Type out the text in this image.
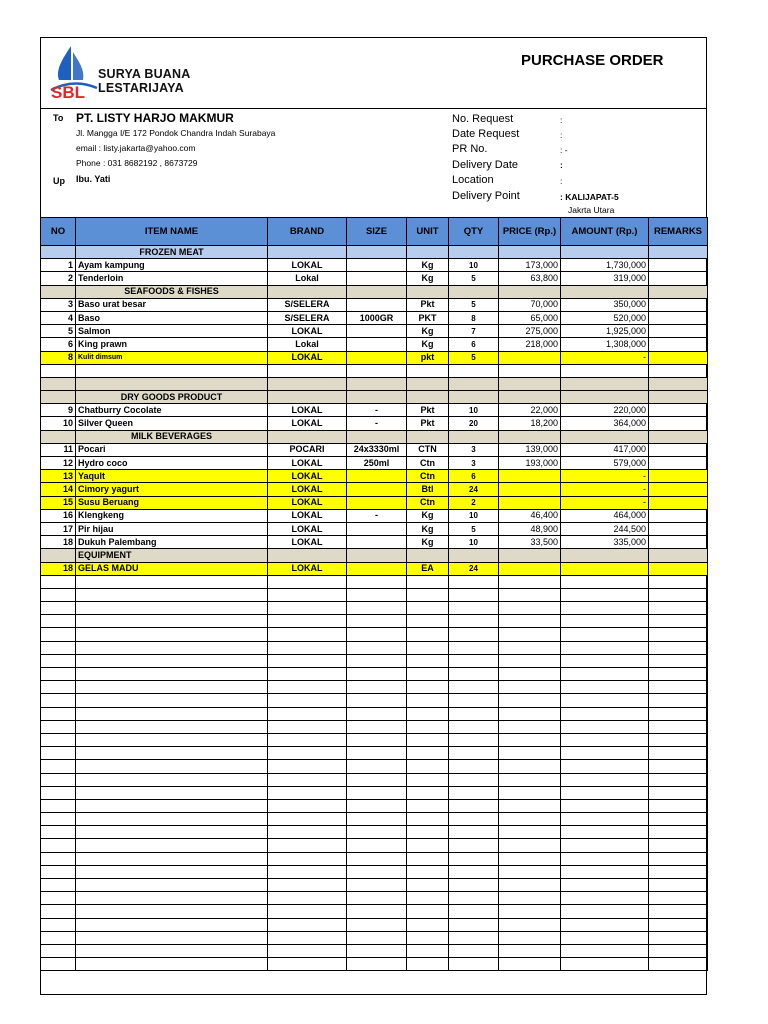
SBL
SURYA BUANA
LESTARIJAYA
PURCHASE ORDER
To PT. LISTY HARJO MAKMUR
Jl. Mangga I/E 172 Pondok Chandra Indah Surabaya
email : listy.jakarta@yahoo.com
Phone : 031 8682192 , 8673729
Up Ibu. Yati
No. Request	:
Date Request	:
PR No.	: -
Delivery Date	:
Location	:
Delivery Point	: KALIJAPAT-5
Jakrta Utara
NO	ITEM NAME	BRAND	SIZE	UNIT	QTY	PRICE (Rp.)	AMOUNT (Rp.)	REMARKS
	FROZEN MEAT							
1	Ayam kampung	LOKAL		Kg	10	173,000	1,730,000	
2	Tenderloin	Lokal		Kg	5	63,800	319,000	
	SEAFOODS & FISHES							
3	Baso urat besar	S/SELERA		Pkt	5	70,000	350,000	
4	Baso	S/SELERA	1000GR	PKT	8	65,000	520,000	
5	Salmon	LOKAL		Kg	7	275,000	1,925,000	
6	King prawn	Lokal		Kg	6	218,000	1,308,000	
8	Kulit dimsum	LOKAL		pkt	5		-	

	DRY GOODS PRODUCT							
9	Chatburry Cocolate	LOKAL	-	Pkt	10	22,000	220,000	
10	Silver Queen	LOKAL	-	Pkt	20	18,200	364,000	
	MILK BEVERAGES							
11	Pocari	POCARI	24x3330ml	CTN	3	139,000	417,000	
12	Hydro coco	LOKAL	250ml	Ctn	3	193,000	579,000	
13	Yaqult	LOKAL		Ctn	6		-	
14	Cimory yagurt	LOKAL		Btl	24		-	
15	Susu Beruang	LOKAL		Ctn	2		-	
16	Klengkeng	LOKAL	-	Kg	10	46,400	464,000	
17	Pir hijau	LOKAL		Kg	5	48,900	244,500	
18	Dukuh Palembang	LOKAL		Kg	10	33,500	335,000	
	EQUIPMENT							
18	GELAS MADU	LOKAL		EA	24			
